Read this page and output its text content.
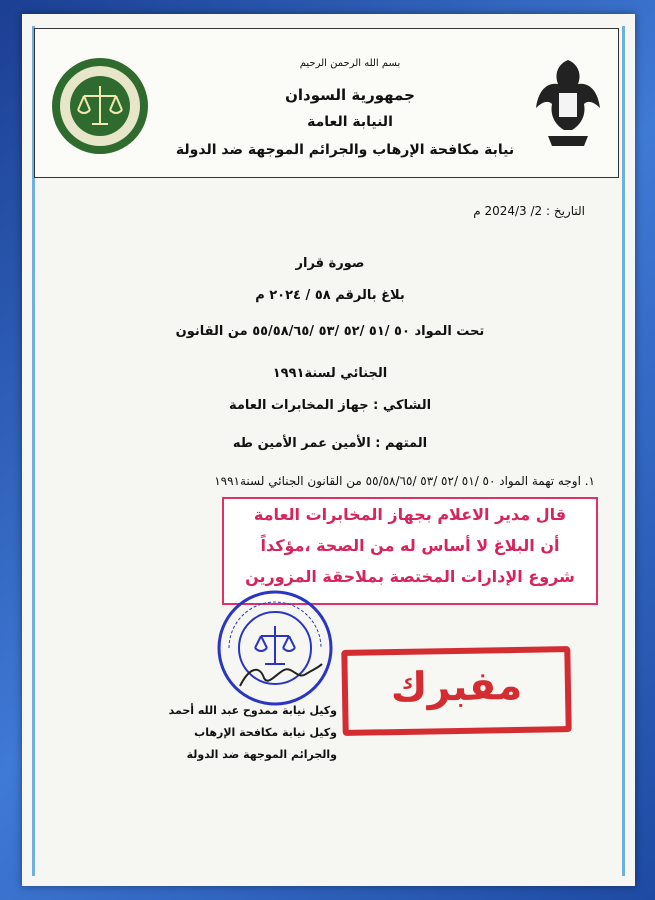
بسم الله الرحمن الرحيم
جمهورية السودان
النيابة العامة
نيابة مكافحة الإرهاب والجرائم الموجهة ضد الدولة
التاريخ : 2/ 2024/3 م
صورة قرار
بلاغ بالرقم ٥٨ / ٢٠٢٤ م
تحت المواد ٥٠ /٥١ /٥٢ /٥٣ /٥٥/٥٨/٦٥ من القانون
الجنائي لسنة١٩٩١
الشاكي : جهاز المخابرات العامة
المتهم : الأمين عمر الأمين طه
١. اوجه تهمة المواد ٥٠ /٥١ /٥٢ /٥٣ /٥٥/٥٨/٦٥ من القانون الجنائي لسنة١٩٩١
قال مدير الاعلام بجهاز المخابرات العامة
أن البلاغ لا أساس له من الصحة ،مؤكداً
شروع الإدارات المختصة بملاحقة المزورين
مفبرك
وكيل نيابة ممدوح عبد الله أحمد
وكيل نيابة مكافحة الإرهاب
والجرائم الموجهة ضد الدولة
